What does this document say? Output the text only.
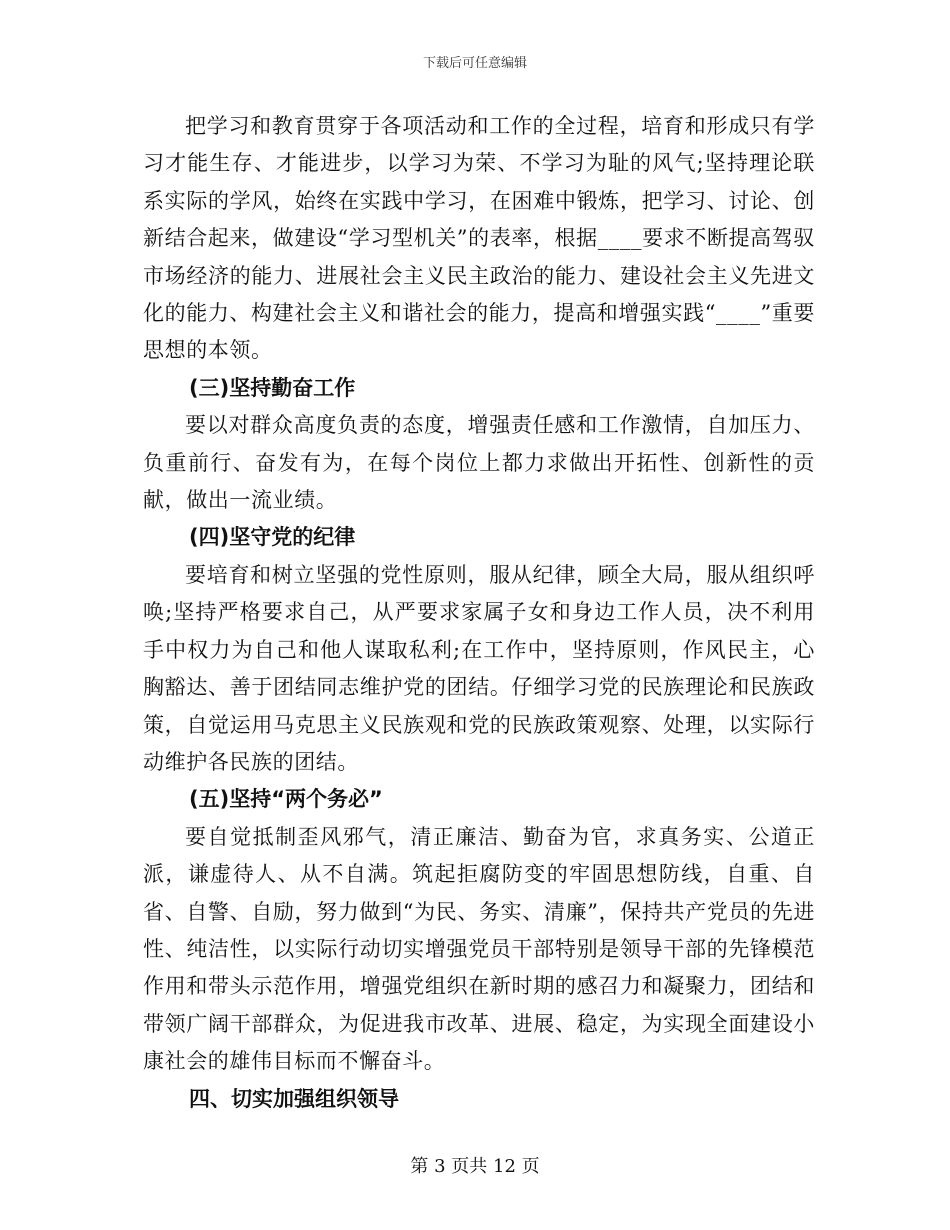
下载后可任意编辑

把学习和教育贯穿于各项活动和工作的全过程，培育和形成只有学习才能生存、才能进步，以学习为荣、不学习为耻的风气;坚持理论联系实际的学风，始终在实践中学习，在困难中锻炼，把学习、讨论、创新结合起来，做建设“学习型机关”的表率，根据____要求不断提高驾驭市场经济的能力、进展社会主义民主政治的能力、建设社会主义先进文化的能力、构建社会主义和谐社会的能力，提高和增强实践“____”重要思想的本领。

(三)坚持勤奋工作

要以对群众高度负责的态度，增强责任感和工作激情，自加压力、负重前行、奋发有为，在每个岗位上都力求做出开拓性、创新性的贡献，做出一流业绩。

(四)坚守党的纪律

要培育和树立坚强的党性原则，服从纪律，顾全大局，服从组织呼唤;坚持严格要求自己，从严要求家属子女和身边工作人员，决不利用手中权力为自己和他人谋取私利;在工作中，坚持原则，作风民主，心胸豁达、善于团结同志维护党的团结。仔细学习党的民族理论和民族政策，自觉运用马克思主义民族观和党的民族政策观察、处理，以实际行动维护各民族的团结。

(五)坚持“两个务必”

要自觉抵制歪风邪气，清正廉洁、勤奋为官，求真务实、公道正派，谦虚待人、从不自满。筑起拒腐防变的牢固思想防线，自重、自省、自警、自励，努力做到“为民、务实、清廉”，保持共产党员的先进性、纯洁性，以实际行动切实增强党员干部特别是领导干部的先锋模范作用和带头示范作用，增强党组织在新时期的感召力和凝聚力，团结和带领广阔干部群众，为促进我市改革、进展、稳定，为实现全面建设小康社会的雄伟目标而不懈奋斗。

四、切实加强组织领导

第 3 页共 12 页
